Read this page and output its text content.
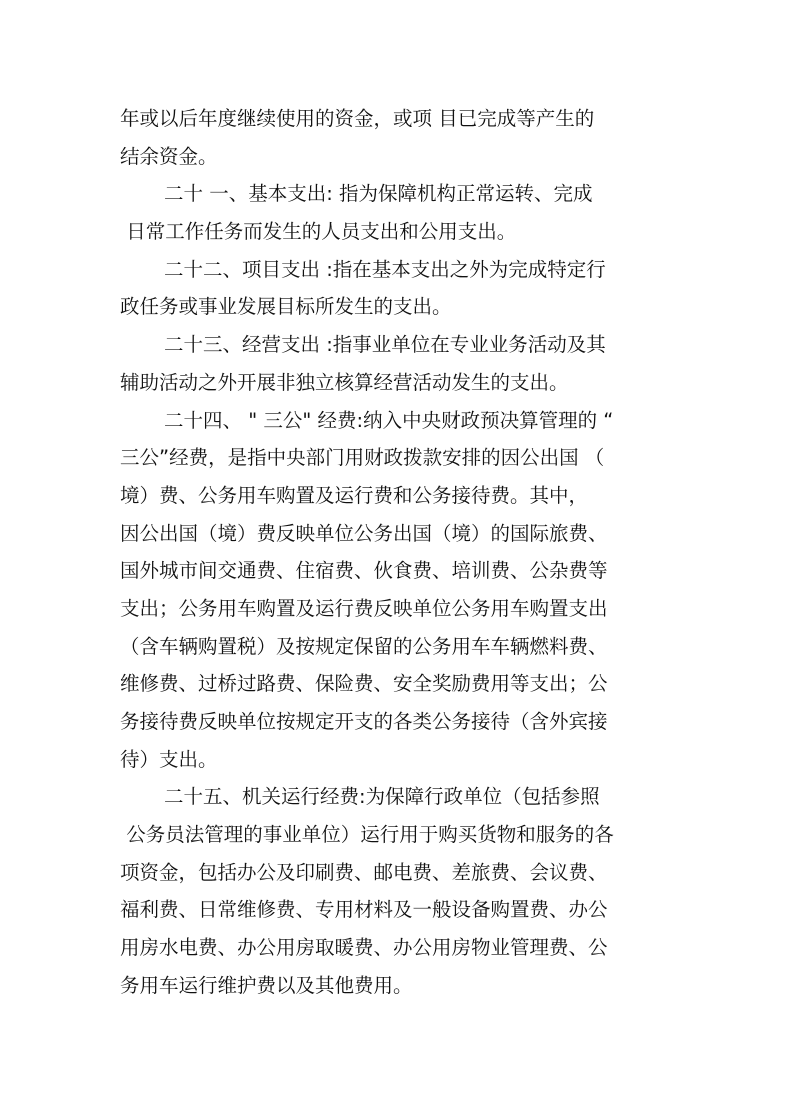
年或以后年度继续使用的资金，或项 目已完成等产生的
结余资金。
二十 一、基本支出: 指为保障机构正常运转、完成
日常工作任务而发生的人员支出和公用支出。
二十二、项目支出 :指在基本支出之外为完成特定行
政任务或事业发展目标所发生的支出。
二十三、经营支出 :指事业单位在专业业务活动及其
辅助活动之外开展非独立核算经营活动发生的支出。
二十四、 " 三公" 经费:纳入中央财政预决算管理的 “
三公”经费，是指中央部门用财政拨款安排的因公出国 （
境）费、公务用车购置及运行费和公务接待费。其中，
因公出国（境）费反映单位公务出国（境）的国际旅费、
国外城市间交通费、住宿费、伙食费、培训费、公杂费等
支出；公务用车购置及运行费反映单位公务用车购置支出
（含车辆购置税）及按规定保留的公务用车车辆燃料费、
维修费、过桥过路费、保险费、安全奖励费用等支出；公
务接待费反映单位按规定开支的各类公务接待（含外宾接
待）支出。
二十五、机关运行经费:为保障行政单位（包括参照
公务员法管理的事业单位）运行用于购买货物和服务的各
项资金，包括办公及印刷费、邮电费、差旅费、会议费、
福利费、日常维修费、专用材料及一般设备购置费、办公
用房水电费、办公用房取暖费、办公用房物业管理费、公
务用车运行维护费以及其他费用。
